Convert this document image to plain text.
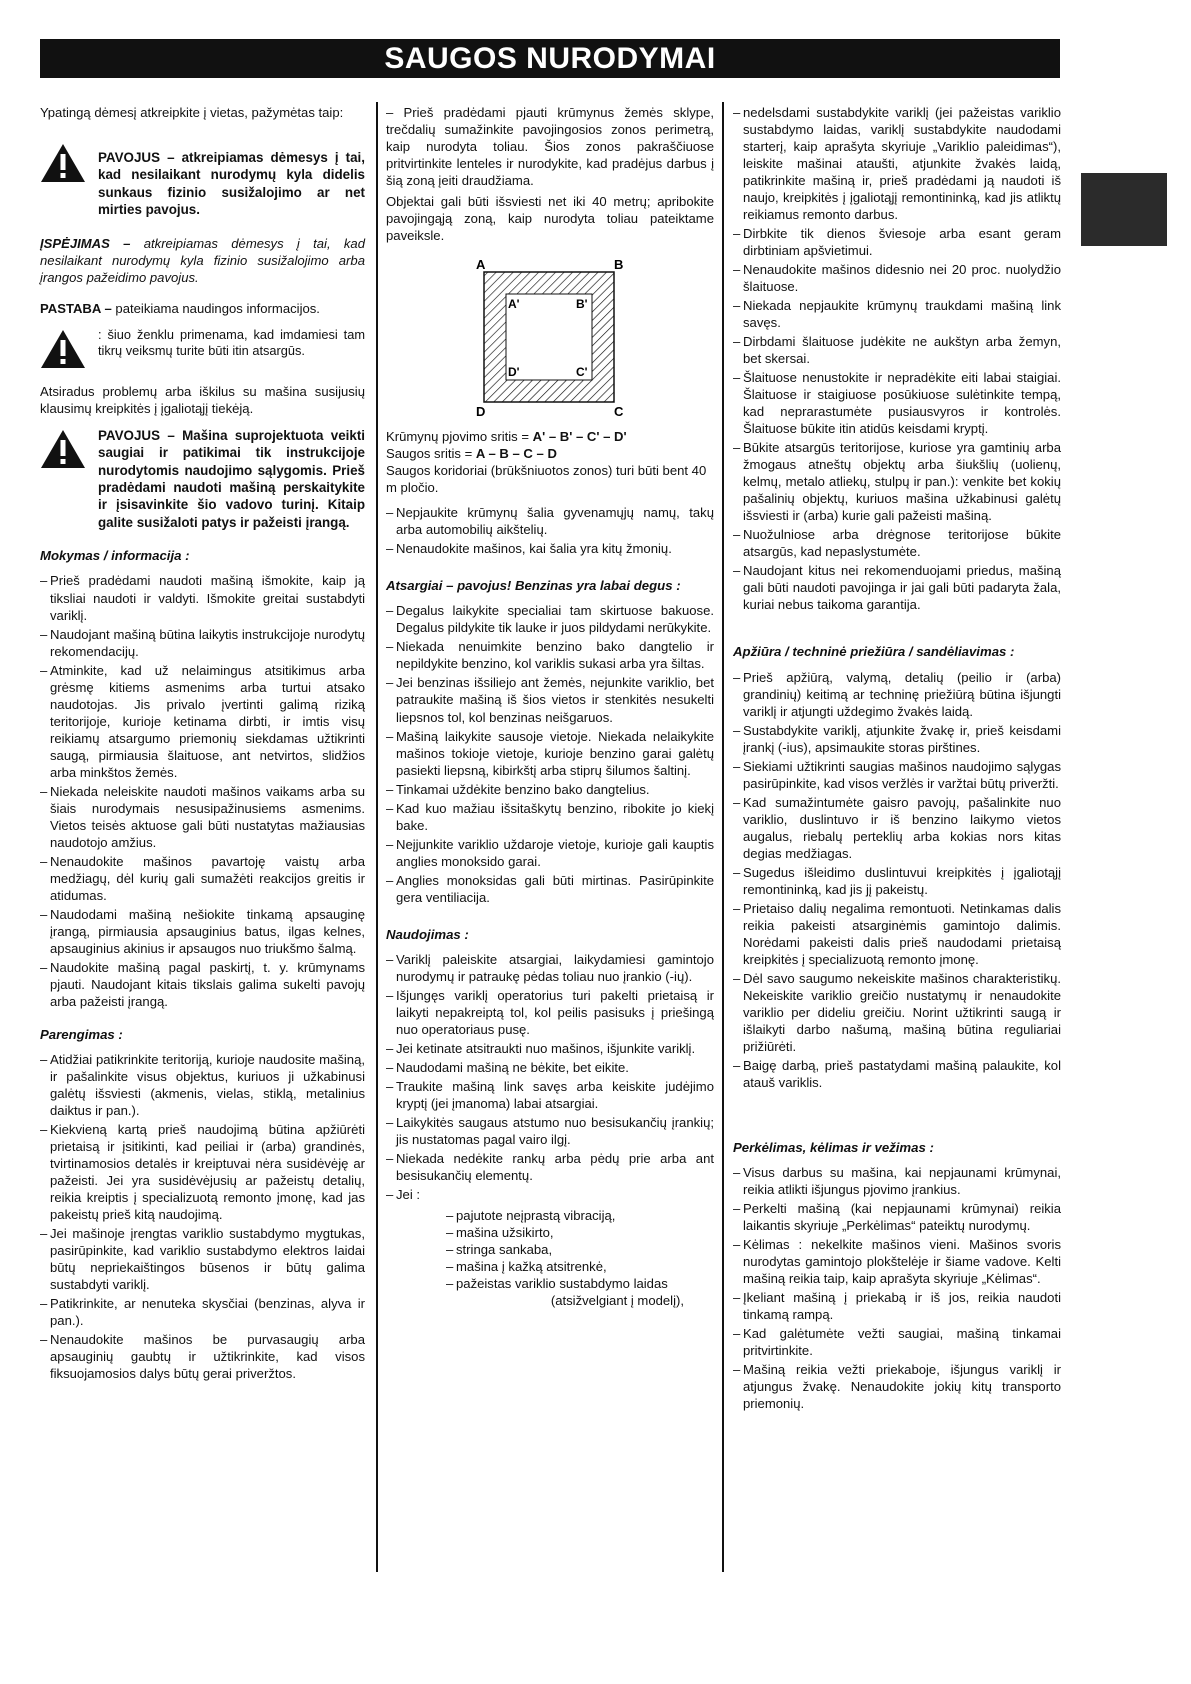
SAUGOS NURODYMAI

Ypatingą dėmesį atkreipkite į vietas, pažymėtas taip:

PAVOJUS – atkreipiamas dėmesys į tai, kad nesilaikant nurodymų kyla didelis sunkaus fizinio susižalojimo ar net mirties pavojus.

ĮSPĖJIMAS – atkreipiamas dėmesys į tai, kad nesilaikant nurodymų kyla fizinio susižalojimo arba įrangos pažeidimo pavojus.

PASTABA – pateikiama naudingos informacijos.

: šiuo ženklu primenama, kad imdamiesi tam tikrų veiksmų turite būti itin atsargūs.

Atsiradus problemų arba iškilus su mašina susijusių klausimų kreipkitės į įgaliotąjį tiekėją.

PAVOJUS – Mašina suprojektuota veikti saugiai ir patikimai tik instrukcijoje nurodytomis naudojimo sąlygomis. Prieš pradėdami naudoti mašiną perskaitykite ir įsisavinkite šio vadovo turinį. Kitaip galite susižaloti patys ir pažeisti įrangą.
Mokymas / informacija :
– Prieš pradėdami naudoti mašiną išmokite, kaip ją tiksliai naudoti ir valdyti. Išmokite greitai sustabdyti variklį.
– Naudojant mašiną būtina laikytis instrukcijoje nurodytų rekomendacijų.
– Atminkite, kad už nelaimingus atsitikimus arba grėsmę kitiems asmenims arba turtui atsako naudotojas. Jis privalo įvertinti galimą riziką teritorijoje, kurioje ketinama dirbti, ir imtis visų reikiamų atsargumo priemonių siekdamas užtikrinti saugą, pirmiausia šlaituose, ant netvirtos, slidžios arba minkštos žemės.
– Niekada neleiskite naudoti mašinos vaikams arba su šiais nurodymais nesusipažinusiems asmenims. Vietos teisės aktuose gali būti nustatytas mažiausias naudotojo amžius.
– Nenaudokite mašinos pavartoję vaistų arba medžiagų, dėl kurių gali sumažėti reakcijos greitis ir atidumas.
– Naudodami mašiną nešiokite tinkamą apsauginę įrangą, pirmiausia apsauginius batus, ilgas kelnes, apsauginius akinius ir apsaugos nuo triukšmo šalmą.
– Naudokite mašiną pagal paskirtį, t. y. krūmynams pjauti. Naudojant kitais tikslais galima sukelti pavojų arba pažeisti įrangą.
Parengimas :
– Atidžiai patikrinkite teritoriją, kurioje naudosite mašiną, ir pašalinkite visus objektus, kuriuos ji užkabinusi galėtų išsviesti (akmenis, vielas, stiklą, metalinius daiktus ir pan.).
– Kiekvieną kartą prieš naudojimą būtina apžiūrėti prietaisą ir įsitikinti, kad peiliai ir (arba) grandinės, tvirtinamosios detalės ir kreiptuvai nėra susidėvėję ar pažeisti. Jei yra susidėvėjusių ar pažeistų detalių, reikia kreiptis į specializuotą remonto įmonę, kad jas pakeistų prieš kitą naudojimą.
– Jei mašinoje įrengtas variklio sustabdymo mygtukas, pasirūpinkite, kad variklio sustabdymo elektros laidai būtų nepriekaištingos būsenos ir būtų galima sustabdyti variklį.
– Patikrinkite, ar nenuteka skysčiai (benzinas, alyva ir pan.).
– Nenaudokite mašinos be purvasaugių arba apsauginių gaubtų ir užtikrinkite, kad visos fiksuojamosios dalys būtų gerai priveržtos.

– Prieš pradėdami pjauti krūmynus žemės sklype, trečdalių sumažinkite pavojingosios zonos perimetrą, kaip nurodyta toliau. Šios zonos pakraščiuose pritvirtinkite lenteles ir nurodykite, kad pradėjus darbus į šią zoną įeiti draudžiama.

Objektai gali būti išsviesti net iki 40 metrų; apribokite pavojingąją zoną, kaip nurodyta toliau pateiktame paveiksle.

A	B
C
D
A'	B'
C'
D'
Krūmynų pjovimo sritis = A' – B' – C' – D'
Saugos sritis = A – B – C – D
Saugos koridoriai (brūkšniuotos zonos) turi būti bent 40 m pločio.
– Nepjaukite krūmynų šalia gyvenamųjų namų, takų arba automobilių aikštelių.
– Nenaudokite mašinos, kai šalia yra kitų žmonių.
Atsargiai – pavojus! Benzinas yra labai degus :
– Degalus laikykite specialiai tam skirtuose bakuose. Degalus pildykite tik lauke ir juos pildydami nerūkykite.
– Niekada nenuimkite benzino bako dangtelio ir nepildykite benzino, kol variklis sukasi arba yra šiltas.
– Jei benzinas išsiliejo ant žemės, nejunkite variklio, bet patraukite mašiną iš šios vietos ir stenkitės nesukelti liepsnos tol, kol benzinas neišgaruos.
– Mašiną laikykite sausoje vietoje. Niekada nelaikykite mašinos tokioje vietoje, kurioje benzino garai galėtų pasiekti liepsną, kibirkštį arba stiprų šilumos šaltinį.
– Tinkamai uždėkite benzino bako dangtelius.
– Kad kuo mažiau išsitaškytų benzino, ribokite jo kiekį bake.
– Neįjunkite variklio uždaroje vietoje, kurioje gali kauptis anglies monoksido garai.
– Anglies monoksidas gali būti mirtinas. Pasirūpinkite gera ventiliacija.
Naudojimas :
– Variklį paleiskite atsargiai, laikydamiesi gamintojo nurodymų ir patraukę pėdas toliau nuo įrankio (-ių).
– Išjungęs variklį operatorius turi pakelti prietaisą ir laikyti nepakreiptą tol, kol peilis pasisuks į priešingą nuo operatoriaus pusę.
– Jei ketinate atsitraukti nuo mašinos, išjunkite variklį.
– Naudodami mašiną ne bėkite, bet eikite.
– Traukite mašiną link savęs arba keiskite judėjimo kryptį (jei įmanoma) labai atsargiai.
– Laikykitės saugaus atstumo nuo besisukančių įrankių; jis nustatomas pagal vairo ilgį.
– Niekada nedėkite rankų arba pėdų prie arba ant besisukančių elementų.
– Jei :
– pajutote neįprastą vibraciją,
– mašina užsikirto,
– stringa sankaba,
– mašina į kažką atsitrenkė,
– pažeistas variklio sustabdymo laidas
(atsižvelgiant į modelį),
– nedelsdami sustabdykite variklį (jei pažeistas variklio sustabdymo laidas, variklį sustabdykite naudodami starterį, kaip aprašyta skyriuje „Variklio paleidimas“), leiskite mašinai ataušti, atjunkite žvakės laidą, patikrinkite mašiną ir, prieš pradėdami ją naudoti iš naujo, kreipkitės į įgaliotąjį remontininką, kad jis atliktų reikiamus remonto darbus.
– Dirbkite tik dienos šviesoje arba esant geram dirbtiniam apšvietimui.
– Nenaudokite mašinos didesnio nei 20 proc. nuolydžio šlaituose.
– Niekada nepjaukite krūmynų traukdami mašiną link savęs.
– Dirbdami šlaituose judėkite ne aukštyn arba žemyn, bet skersai.
– Šlaituose nenustokite ir nepradėkite eiti labai staigiai. Šlaituose ir staigiuose posūkiuose sulėtinkite tempą, kad neprarastumėte pusiausvyros ir kontrolės. Šlaituose būkite itin atidūs keisdami kryptį.
– Būkite atsargūs teritorijose, kuriose yra gamtinių arba žmogaus atneštų objektų arba šiukšlių (uolienų, kelmų, metalo atliekų, stulpų ir pan.): venkite bet kokių pašalinių objektų, kuriuos mašina užkabinusi galėtų išsviesti ir (arba) kurie gali pažeisti mašiną.
– Nuožulniose arba drėgnose teritorijose būkite atsargūs, kad nepaslystumėte.
– Naudojant kitus nei rekomenduojami priedus, mašiną gali būti naudoti pavojinga ir jai gali būti padaryta žala, kuriai nebus taikoma garantija.
Apžiūra / techninė priežiūra / sandėliavimas :
– Prieš apžiūrą, valymą, detalių (peilio ir (arba) grandinių) keitimą ar techninę priežiūrą būtina išjungti variklį ir atjungti uždegimo žvakės laidą.
– Sustabdykite variklį, atjunkite žvakę ir, prieš keisdami įrankį (-ius), apsimaukite storas pirštines.
– Siekiami užtikrinti saugias mašinos naudojimo sąlygas pasirūpinkite, kad visos veržlės ir varžtai būtų priveržti.
– Kad sumažintumėte gaisro pavojų, pašalinkite nuo variklio, duslintuvo ir iš benzino laikymo vietos augalus, riebalų perteklių arba kokias nors kitas degias medžiagas.
– Sugedus išleidimo duslintuvui kreipkitės į įgaliotąjį remontininką, kad jis jį pakeistų.
– Prietaiso dalių negalima remontuoti. Netinkamas dalis reikia pakeisti atsarginėmis gamintojo dalimis. Norėdami pakeisti dalis prieš naudodami prietaisą kreipkitės į specializuotą remonto įmonę.
– Dėl savo saugumo nekeiskite mašinos charakteristikų. Nekeiskite variklio greičio nustatymų ir nenaudokite variklio per dideliu greičiu. Norint užtikrinti saugą ir išlaikyti darbo našumą, mašiną būtina reguliariai prižiūrėti.
– Baigę darbą, prieš pastatydami mašiną palaukite, kol atauš variklis.
Perkėlimas, kėlimas ir vežimas :
– Visus darbus su mašina, kai nepjaunami krūmynai, reikia atlikti išjungus pjovimo įrankius.
– Perkelti mašiną (kai nepjaunami krūmynai) reikia laikantis skyriuje „Perkėlimas“ pateiktų nurodymų.
– Kėlimas : nekelkite mašinos vieni. Mašinos svoris nurodytas gamintojo plokštelėje ir šiame vadove. Kelti mašiną reikia taip, kaip aprašyta skyriuje „Kėlimas“.
– Įkeliant mašiną į priekabą ir iš jos, reikia naudoti tinkamą rampą.
– Kad galėtumėte vežti saugiai, mašiną tinkamai pritvirtinkite.
– Mašiną reikia vežti priekaboje, išjungus variklį ir atjungus žvakę. Nenaudokite jokių kitų transporto priemonių.
